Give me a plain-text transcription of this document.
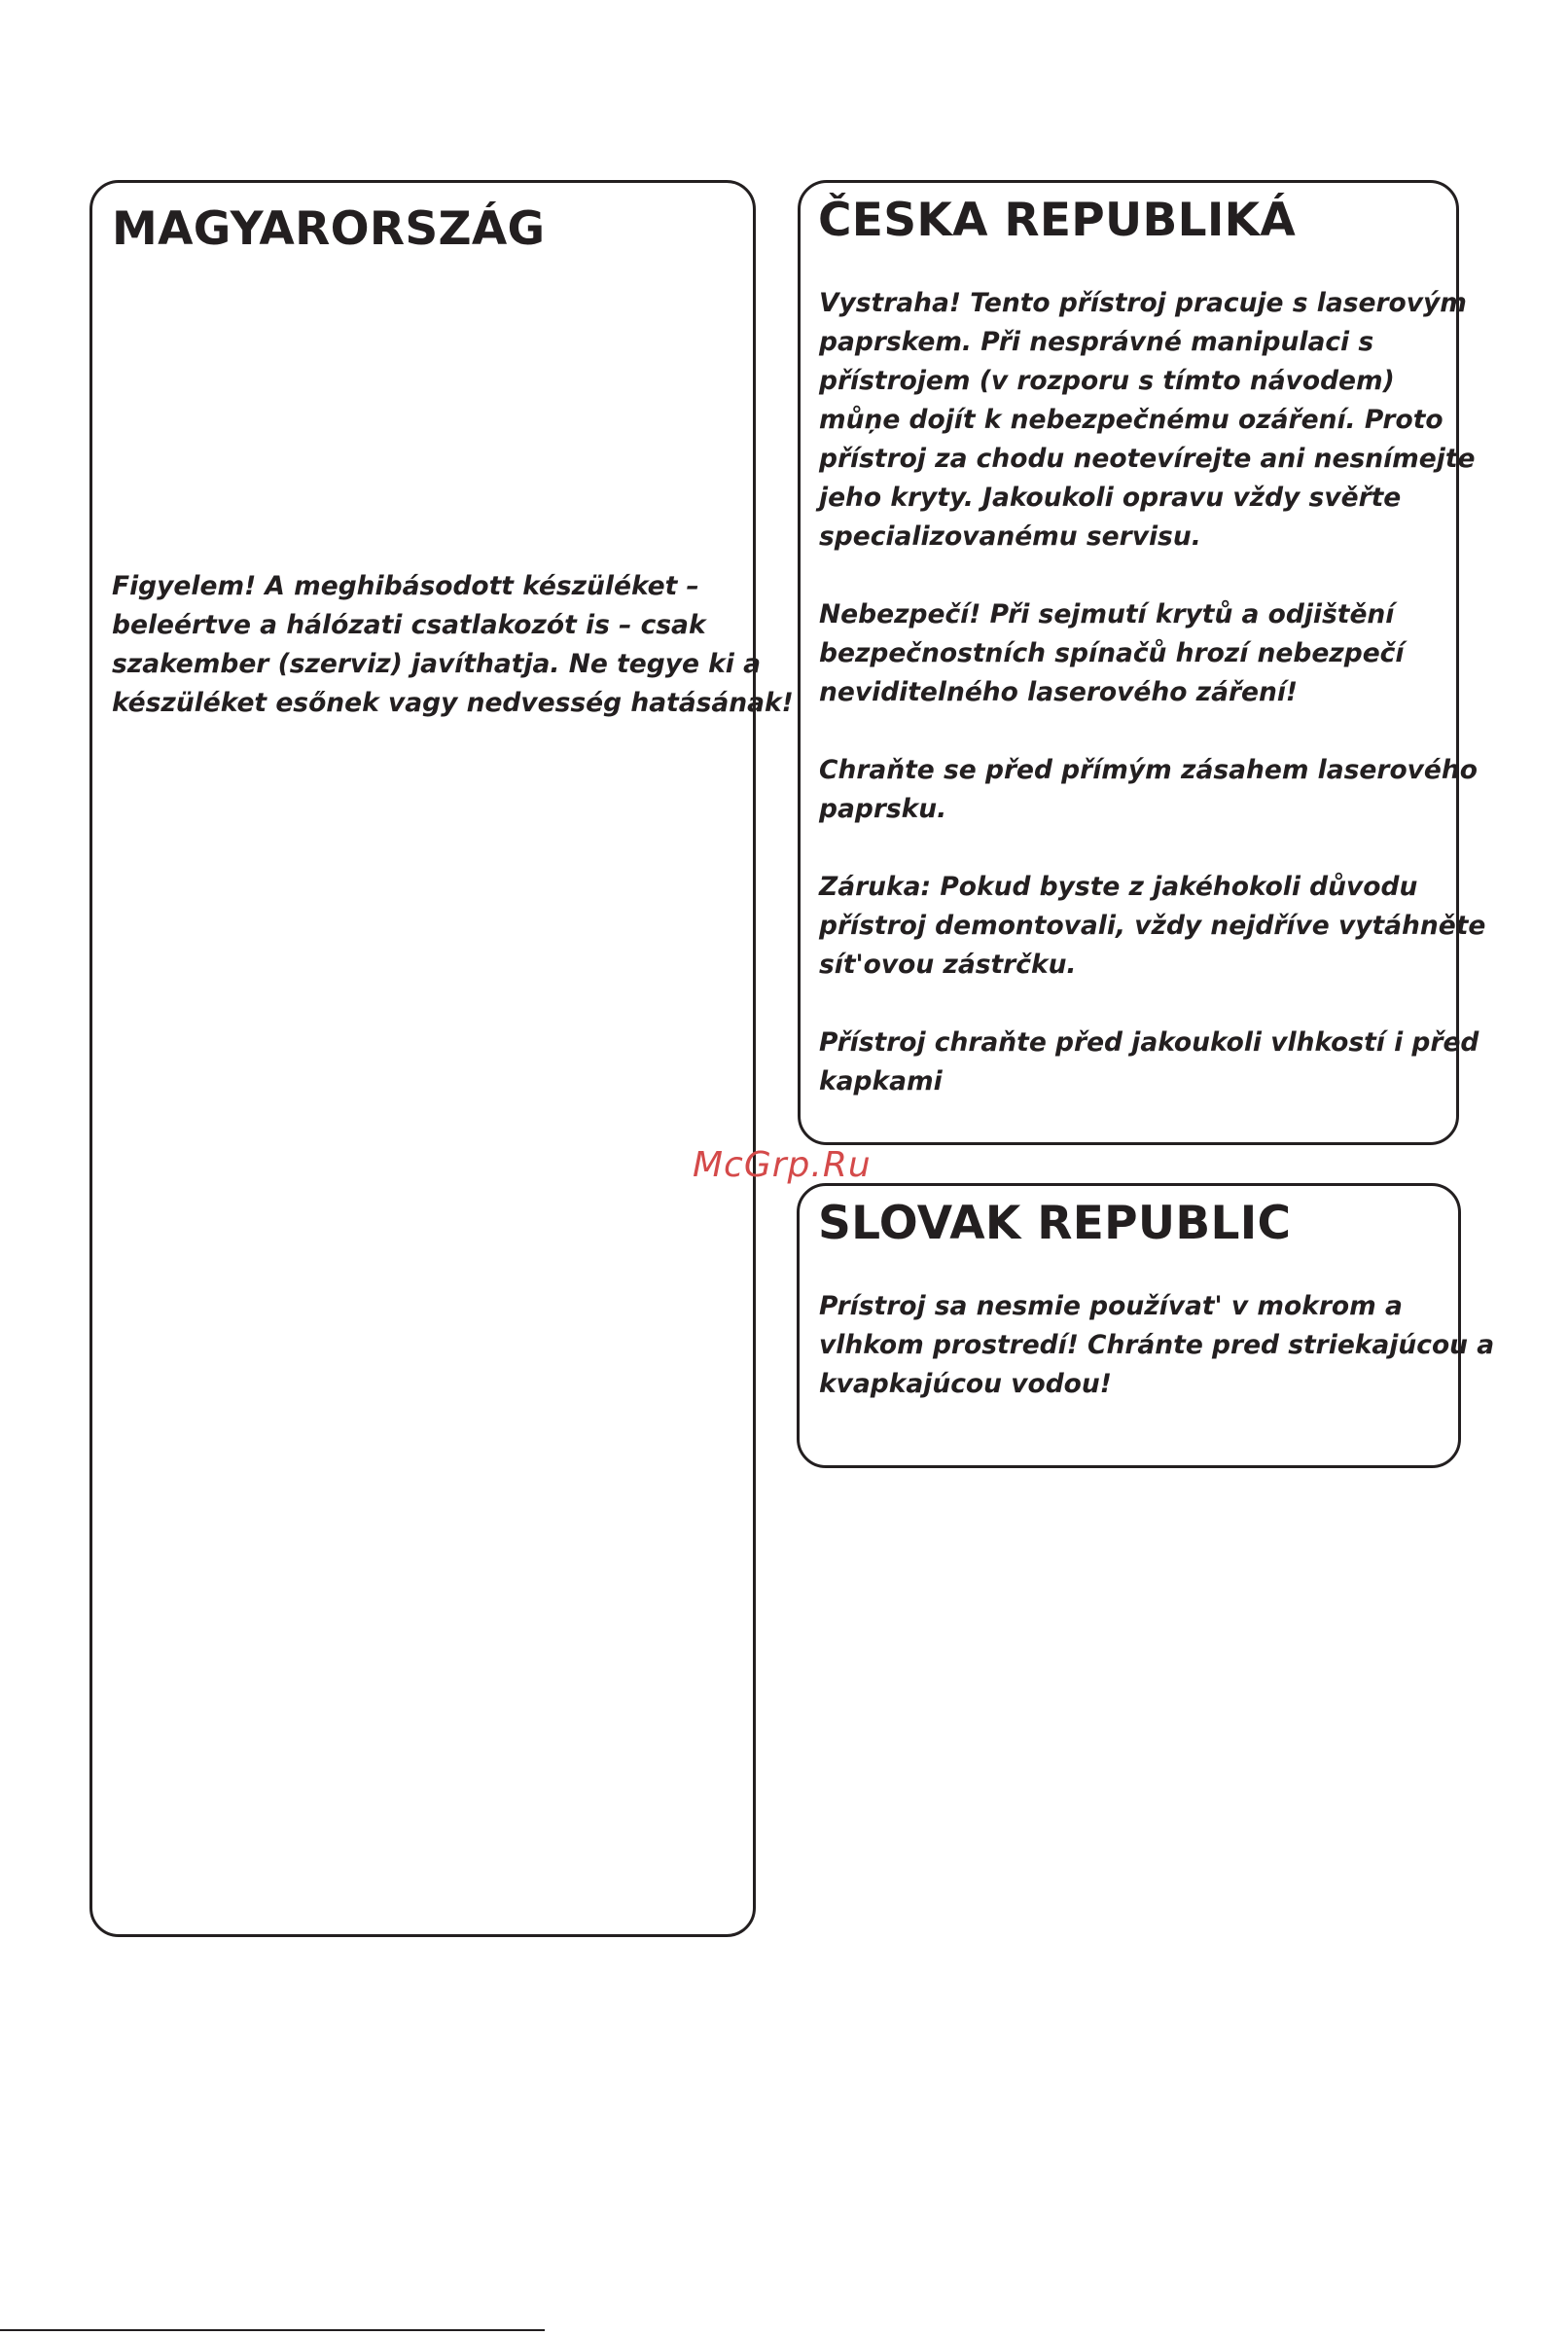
MAGYARORSZÁG

Figyelem! A meghibásodott készüléket –
beleértve a hálózati csatlakozót is – csak
szakember (szerviz) javíthatja. Ne tegye ki a
készüléket esőnek vagy nedvesség hatásának!

ČESKA REPUBLIKÁ

Vystraha! Tento přístroj pracuje s laserovým
paprskem. Při nesprávné manipulaci s
přístrojem (v rozporu s tímto návodem)
můņe dojít k nebezpečnému ozáření. Proto
přístroj za chodu neotevírejte ani nesnímejte
jeho kryty. Jakoukoli opravu vždy svěřte
specializovanému servisu.

Nebezpečí! Při sejmutí krytů a odjištění
bezpečnostních spínačů hrozí nebezpečí
neviditelného laserového záření!

Chraňte se před přímým zásahem laserového
paprsku.

Záruka: Pokud byste z jakéhokoli důvodu
přístroj demontovali, vždy nejdříve vytáhněte
sít'ovou zástrčku.

Přístroj chraňte před jakoukoli vlhkostí i před
kapkami

SLOVAK REPUBLIC

Prístroj sa nesmie používat' v mokrom a
vlhkom prostredí! Chránte pred striekajúcou a
kvapkajúcou vodou!

McGrp.Ru
